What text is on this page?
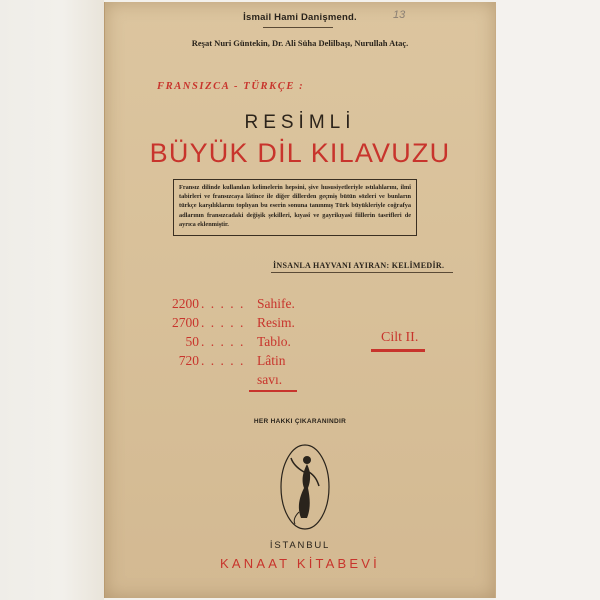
İsmail Hami Danişmend.	13
Reşat Nuri Güntekin, Dr. Ali Süha Delilbaşı, Nurullah Ataç.
FRANSIZCA - TÜRKÇE :
RESİMLİ
BÜYÜK DİL KILAVUZU
Fransız dilinde kullanılan kelimelerin hepsini, şive hususiyetleriyle ıstılahlarını, ilmî tabirleri ve fransızcaya lâtince ile diğer dillerden geçmiş bütün sözleri ve bunların türkçe karşılıklarını toplıyan bu eserin sonuna tanınmış Türk büyükleriyle coğrafya adlarının fransızcadaki değişik şekilleri, kıyasî ve gayrikıyasî fiillerin tasrifleri de ayrıca eklenmiştir.
İNSANLA HAYVANI AYIRAN: KELİMEDİR.
2200 . . . . . Sahife.
2700 . . . . . Resim.
50 . . . . . Tablo.
720 . . . . . Lâtin
savı.
Cilt II.
HER HAKKI ÇIKARANINDIR
İSTANBUL
KANAAT KİTABEVİ
